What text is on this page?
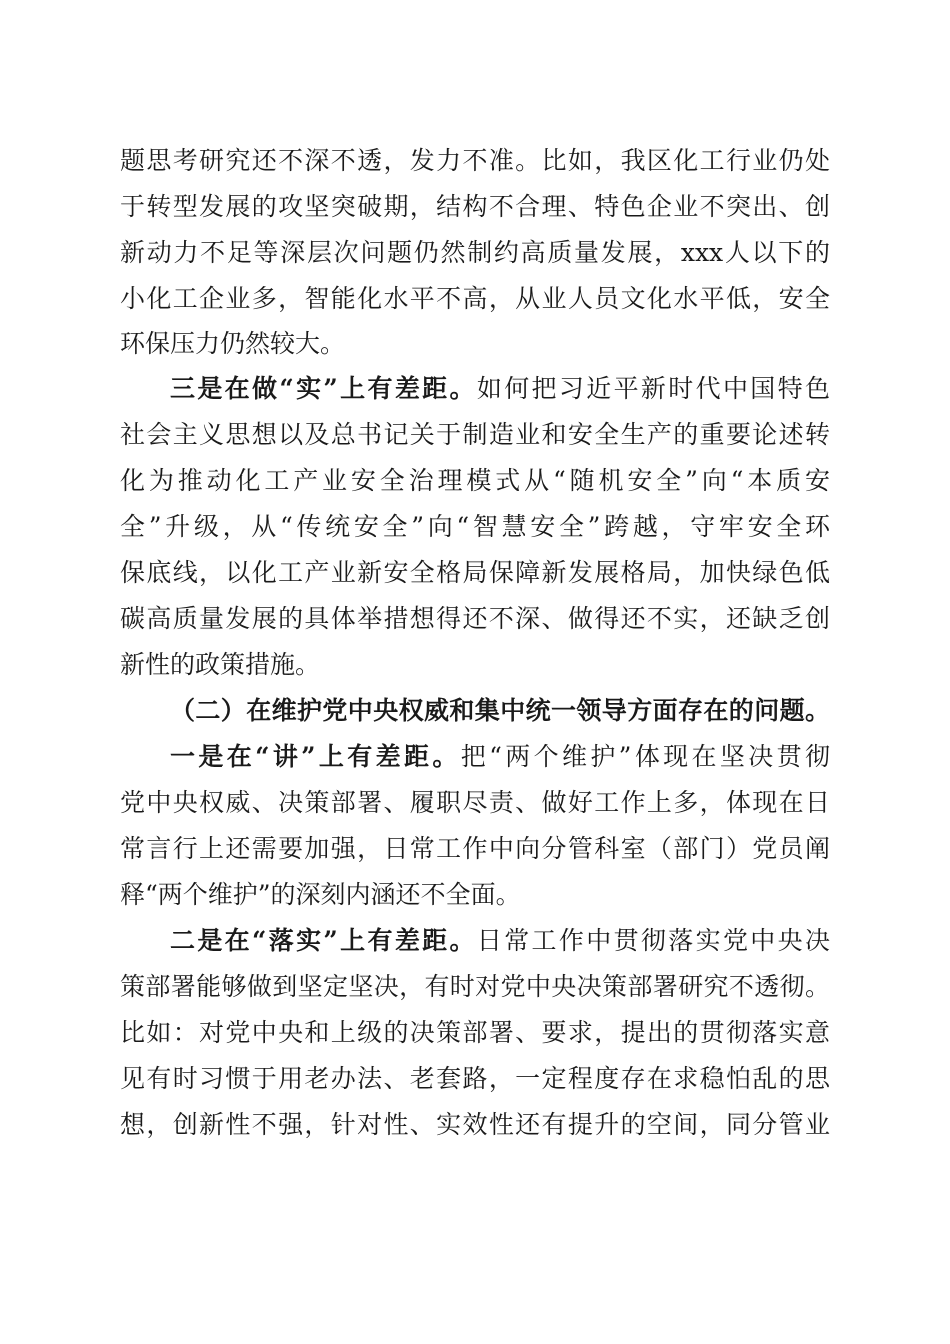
题思考研究还不深不透，发力不准。比如，我区化工行业仍处
于转型发展的攻坚突破期，结构不合理、特色企业不突出、创
新动力不足等深层次问题仍然制约高质量发展，xxx人以下的
小化工企业多，智能化水平不高，从业人员文化水平低，安全
环保压力仍然较大。
三是在做“实”上有差距。如何把习近平新时代中国特色
社会主义思想以及总书记关于制造业和安全生产的重要论述转
化为推动化工产业安全治理模式从“随机安全”向“本质安
全”升级，从“传统安全”向“智慧安全”跨越，守牢安全环
保底线，以化工产业新安全格局保障新发展格局，加快绿色低
碳高质量发展的具体举措想得还不深、做得还不实，还缺乏创
新性的政策措施。
（二）在维护党中央权威和集中统一领导方面存在的问题。
一是在“讲”上有差距。把“两个维护”体现在坚决贯彻
党中央权威、决策部署、履职尽责、做好工作上多，体现在日
常言行上还需要加强，日常工作中向分管科室（部门）党员阐
释“两个维护”的深刻内涵还不全面。
二是在“落实”上有差距。日常工作中贯彻落实党中央决
策部署能够做到坚定坚决，有时对党中央决策部署研究不透彻。
比如：对党中央和上级的决策部署、要求，提出的贯彻落实意
见有时习惯于用老办法、老套路，一定程度存在求稳怕乱的思
想，创新性不强，针对性、实效性还有提升的空间，同分管业
